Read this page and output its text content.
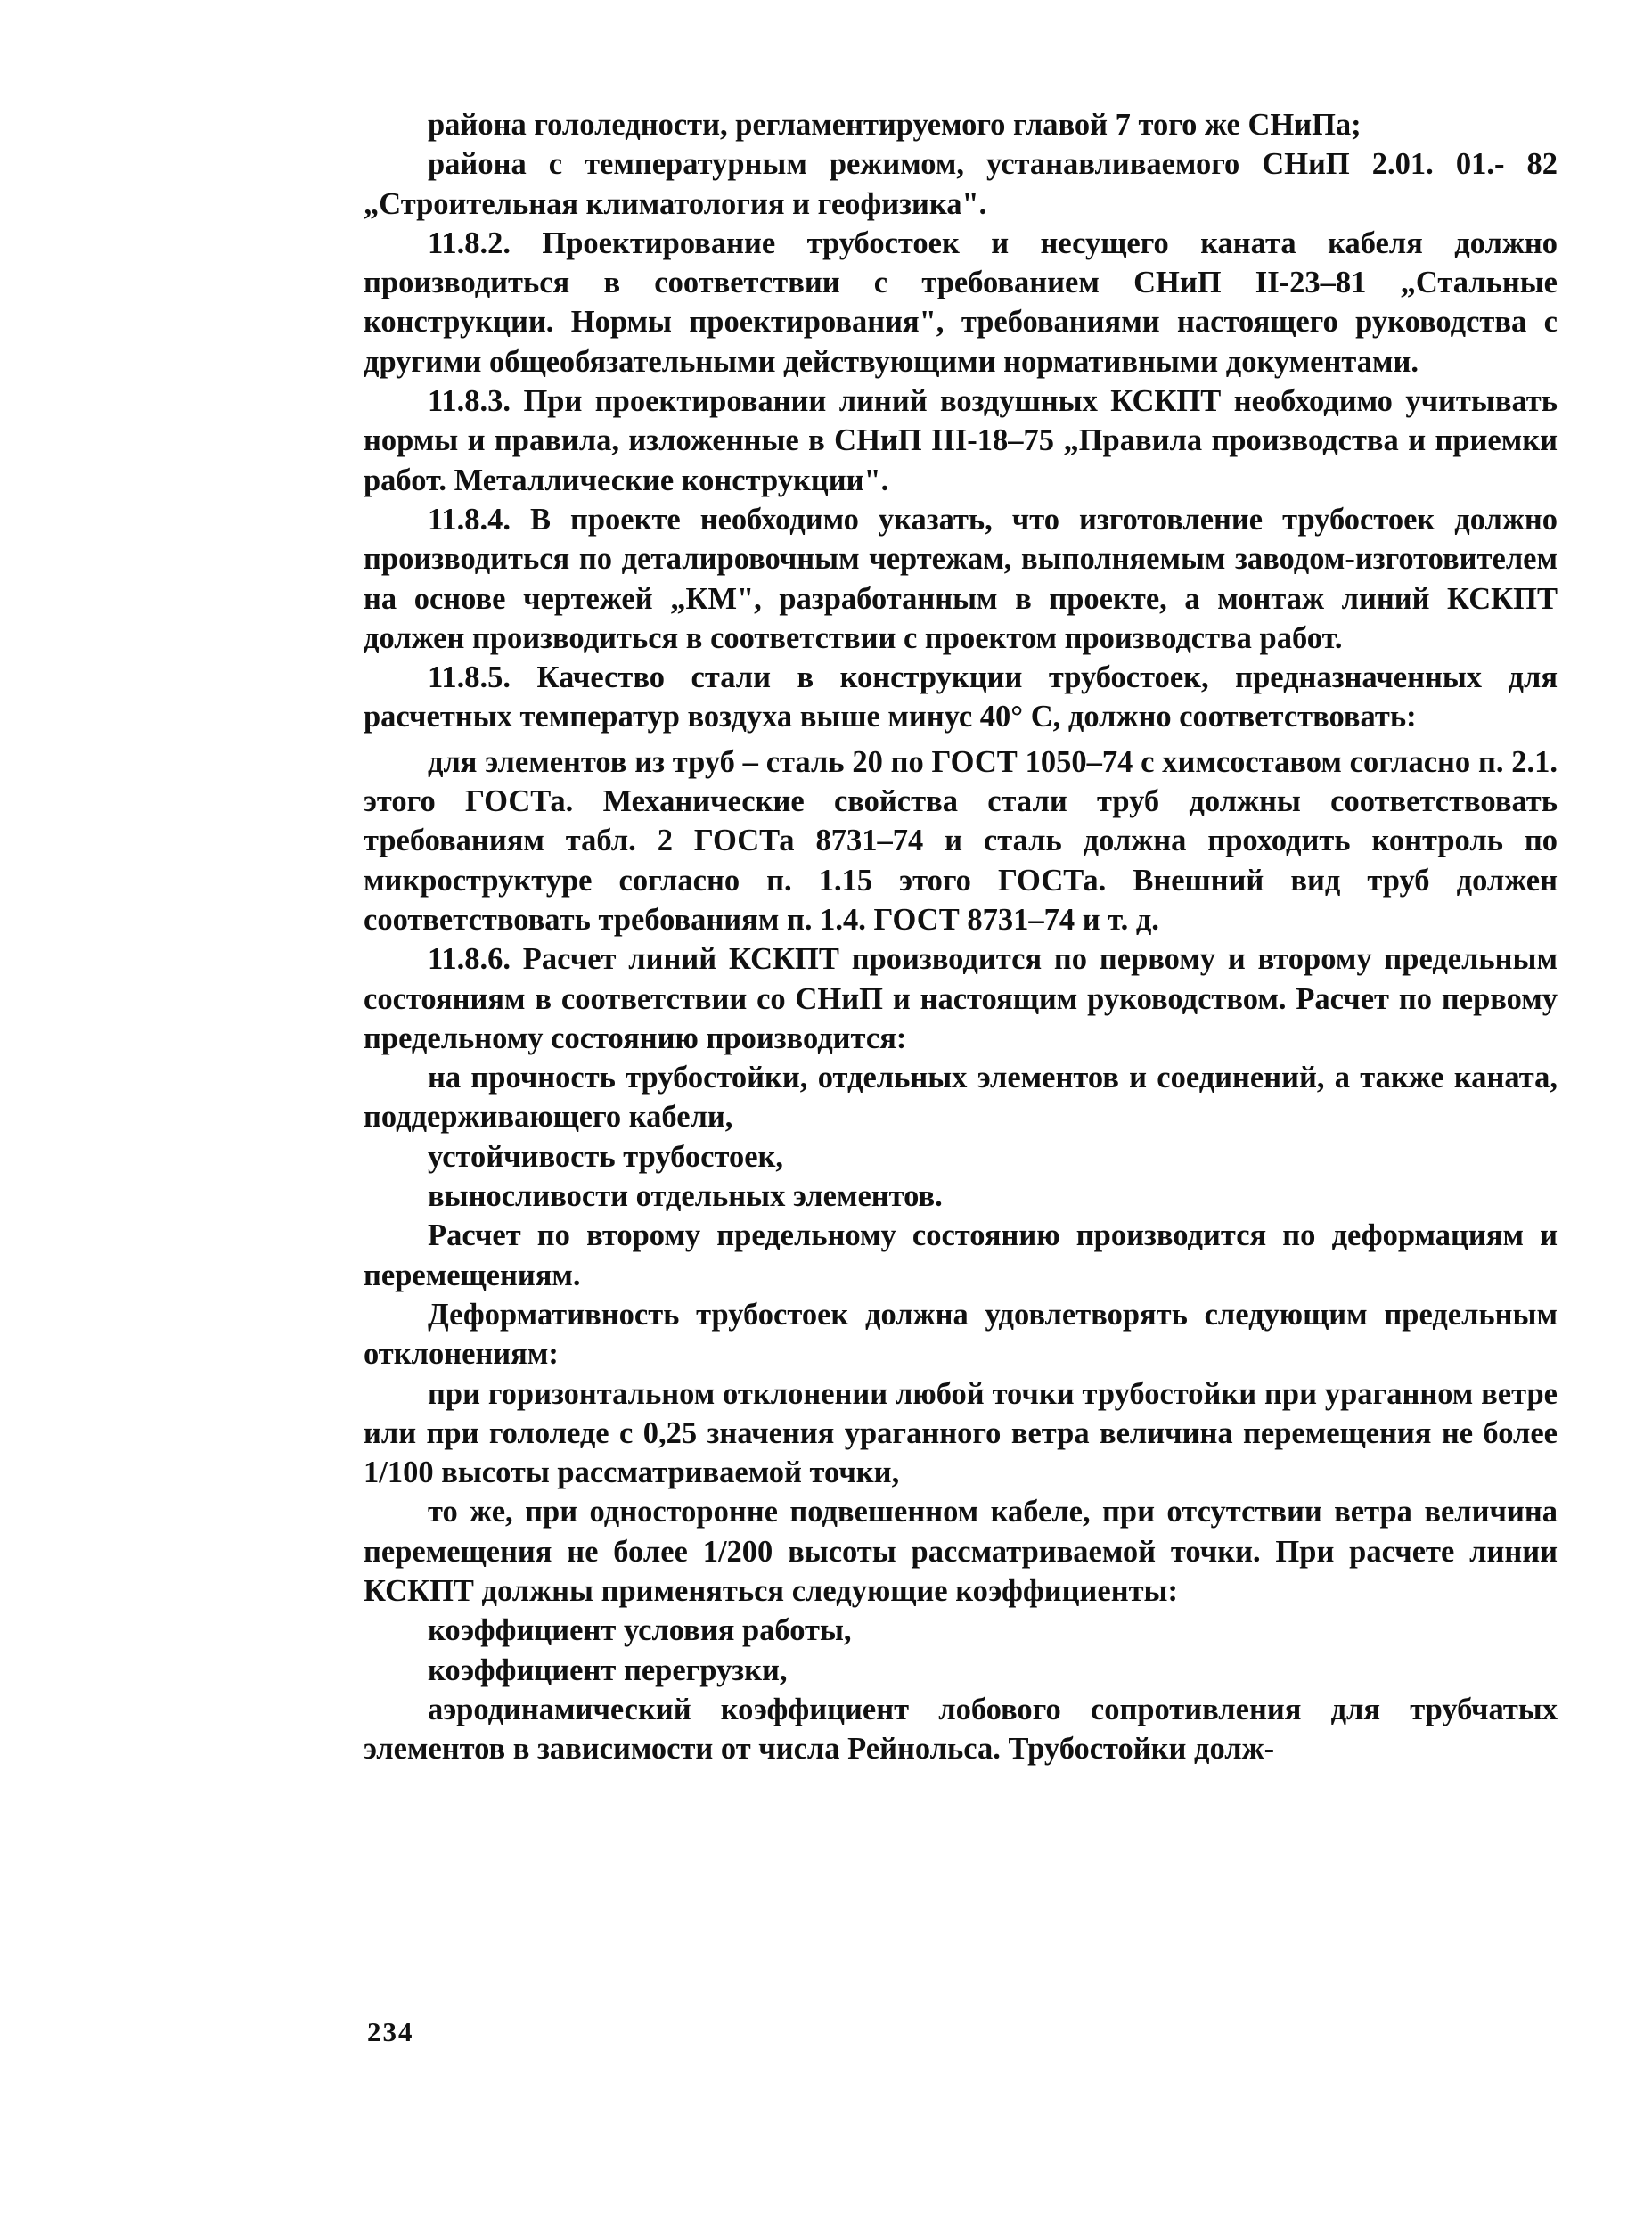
района гололедности, регламентируемого главой 7 того же СНиПа;

района с температурным режимом, устанавливаемого СНиП 2.01. 01.- 82 „Строительная климатология и геофизика".

11.8.2. Проектирование трубостоек и несущего каната кабеля должно производиться в соответствии с требованием СНиП II-23–81 „Стальные конструкции. Нормы проектирования", требованиями настоящего руководства с другими общеобязательными действующими нормативными документами.

11.8.3. При проектировании линий воздушных КСКПТ необходимо учитывать нормы и правила, изложенные в СНиП III-18–75 „Правила производства и приемки работ. Металлические конструкции".

11.8.4. В проекте необходимо указать, что изготовление трубостоек должно производиться по деталировочным чертежам, выполняемым заводом-изготовителем на основе чертежей „КМ", разработанным в проекте, а монтаж линий КСКПТ должен производиться в соответствии с проектом производства работ.

11.8.5. Качество стали в конструкции трубостоек, предназначенных для расчетных температур воздуха выше минус 40° С, должно соответствовать:

для элементов из труб – сталь 20 по ГОСТ 1050–74 с химсоставом согласно п. 2.1. этого ГОСТа. Механические свойства стали труб должны соответствовать требованиям табл. 2 ГОСТа 8731–74 и сталь должна проходить контроль по микроструктуре согласно п. 1.15 этого ГОСТа. Внешний вид труб должен соответствовать требованиям п. 1.4. ГОСТ 8731–74 и т. д.

11.8.6. Расчет линий КСКПТ производится по первому и второму предельным состояниям в соответствии со СНиП и настоящим руководством. Расчет по первому предельному состоянию производится:

на прочность трубостойки, отдельных элементов и соединений, а также каната, поддерживающего кабели,

устойчивость трубостоек,

выносливости отдельных элементов.

Расчет по второму предельному состоянию производится по деформациям и перемещениям.

Деформативность трубостоек должна удовлетворять следующим предельным отклонениям:

при горизонтальном отклонении любой точки трубостойки при ураганном ветре или при гололеде с 0,25 значения ураганного ветра величина перемещения не более 1/100 высоты рассматриваемой точки,

то же, при односторонне подвешенном кабеле, при отсутствии ветра величина перемещения не более 1/200 высоты рассматриваемой точки. При расчете линии КСКПТ должны применяться следующие коэффициенты:

коэффициент условия работы,

коэффициент перегрузки,

аэродинамический коэффициент лобового сопротивления для трубчатых элементов в зависимости от числа Рейнольса. Трубостойки долж-

234
